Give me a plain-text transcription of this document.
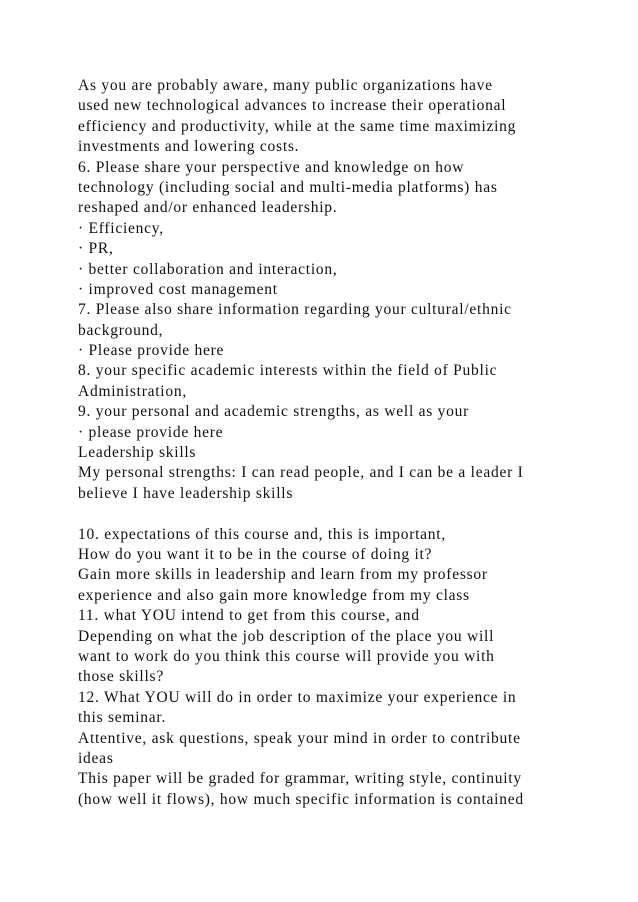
As you are probably aware, many public organizations have
used new technological advances to increase their operational
efficiency and productivity, while at the same time maximizing
investments and lowering costs.
6. Please share your perspective and knowledge on how
technology (including social and multi-media platforms) has
reshaped and/or enhanced leadership.
· Efficiency,
· PR,
· better collaboration and interaction,
· improved cost management
7. Please also share information regarding your cultural/ethnic
background,
· Please provide here
8. your specific academic interests within the field of Public
Administration,
9. your personal and academic strengths, as well as your
· please provide here
Leadership skills
My personal strengths: I can read people, and I can be a leader I
believe I have leadership skills
10. expectations of this course and, this is important,
How do you want it to be in the course of doing it?
Gain more skills in leadership and learn from my professor
experience and also gain more knowledge from my class
11. what YOU intend to get from this course, and
Depending on what the job description of the place you will
want to work do you think this course will provide you with
those skills?
12. What YOU will do in order to maximize your experience in
this seminar.
Attentive, ask questions, speak your mind in order to contribute
ideas
This paper will be graded for grammar, writing style, continuity
(how well it flows), how much specific information is contained
